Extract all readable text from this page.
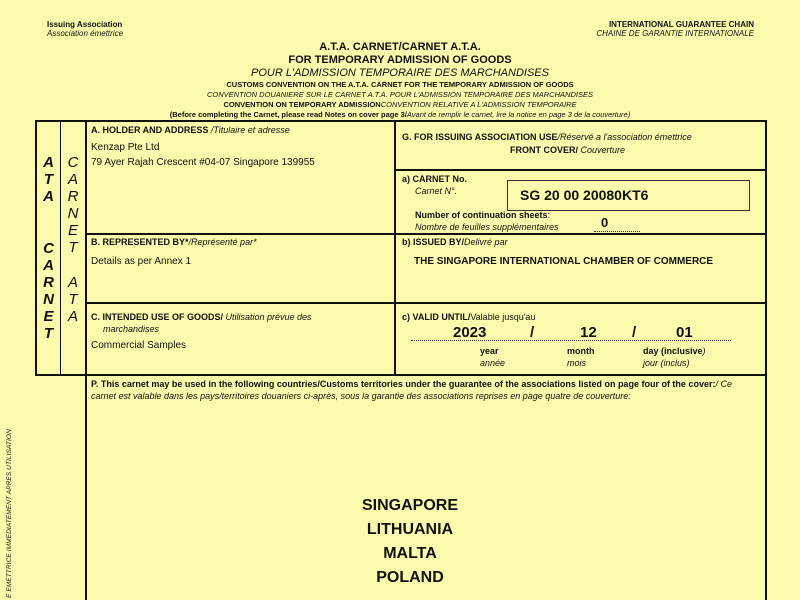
Issuing Association
Association émettrice
INTERNATIONAL GUARANTEE CHAIN
CHAINE DE GARANTIE INTERNATIONALE
A.T.A. CARNET/CARNET A.T.A.
FOR TEMPORARY ADMISSION OF GOODS
POUR L'ADMISSION TEMPORAIRE DES MARCHANDISES
CUSTOMS CONVENTION ON THE A.T.A. CARNET FOR THE TEMPORARY ADMISSION OF GOODS
CONVENTION DOUANIERE SUR LE CARNET A.T.A. POUR L'ADMISSION TEMPORAIRE DES MARCHANDISES
CONVENTION ON TEMPORARY ADMISSIONCONVENTION RELATIVE A L'ADMISSION TEMPORAIRE
(Before completing the Carnet, please read Notes on cover page 3/Avant de remplir le carnet, lire la notice en page 3 de la couverture)
A
T
A
C
A
R
N
E
T
C
A
R
N
E
T
A
T
A
E EMETTRICE IMMEDIATEMENT APRES UTILISATION
A. HOLDER AND ADDRESS /Titulaire et adresse
Kenzap Pte Ltd
79 Ayer Rajah Crescent #04-07 Singapore 139955
G. FOR ISSUING ASSOCIATION USE/Réservé a l'association émettrice
FRONT COVER/ Couverture
a) CARNET No.
Carnet N°.	SG 20 00 20080KT6
Number of continuation sheets:
Nombre de feuilles supplémentaires	0
B. REPRESENTED BY*/Représenté par*
Details as per Annex 1
b) ISSUED BY/Delivré par
THE SINGAPORE INTERNATIONAL CHAMBER OF COMMERCE
C. INTENDED USE OF GOODS/ Utilisation prévue des
marchandises
Commercial Samples
c) VALID UNTIL/Valable jusqu'au
2023	/	12 /	01
year
année
month
mois
day (inclusive)
jour (inclus)
P. This carnet may be used in the following countries/Customs territories under the guarantee of the associations listed on page four of the cover:/ Ce carnet est valable dans les pays/territoires douaniers ci-après, sous la garantie des associations reprises en page quatre de couverture:
SINGAPORE
LITHUANIA
MALTA
POLAND
